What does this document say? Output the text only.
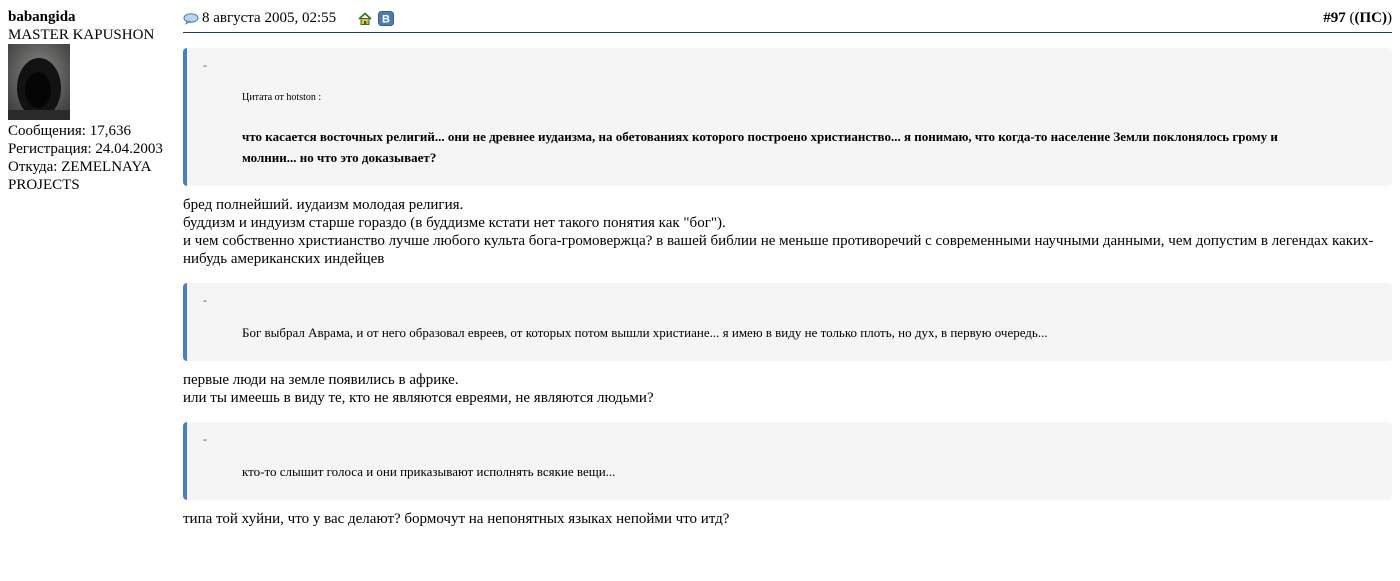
babangida
MASTER KAPUSHON
Сообщения: 17,636
Регистрация: 24.04.2003
Откуда: ZEMELNAYA PROJECTS
8 августа 2005, 02:55	В	#97 ((ПС))
-
Цитата от hotston :
что касается восточных религий... они не древнее иудаизма, на обетованиях которого построено христианство... я понимаю, что когда-то население Земли поклонялось грому и молнии... но что это доказывает?

бред полнейший. иудаизм молодая религия.

буддизм и индуизм старше гораздо (в буддизме кстати нет такого понятия как "бог").

и чем собственно христианство лучше любого культа бога-громовержца? в вашей библии не меньше противоречий с современными научными данными, чем допустим в легендах каких-нибудь американских индейцев

-
Бог выбрал Аврама, и от него образовал евреев, от которых потом вышли христиане... я имею в виду не только плоть, но дух, в первую очередь...

первые люди на земле появились в африке.

или ты имеешь в виду те, кто не являются евреями, не являются людьми?

-
кто-то слышит голоса и они приказывают исполнять всякие вещи...

типа той хуйни, что у вас делают? бормочут на непонятных языках непойми что итд?
